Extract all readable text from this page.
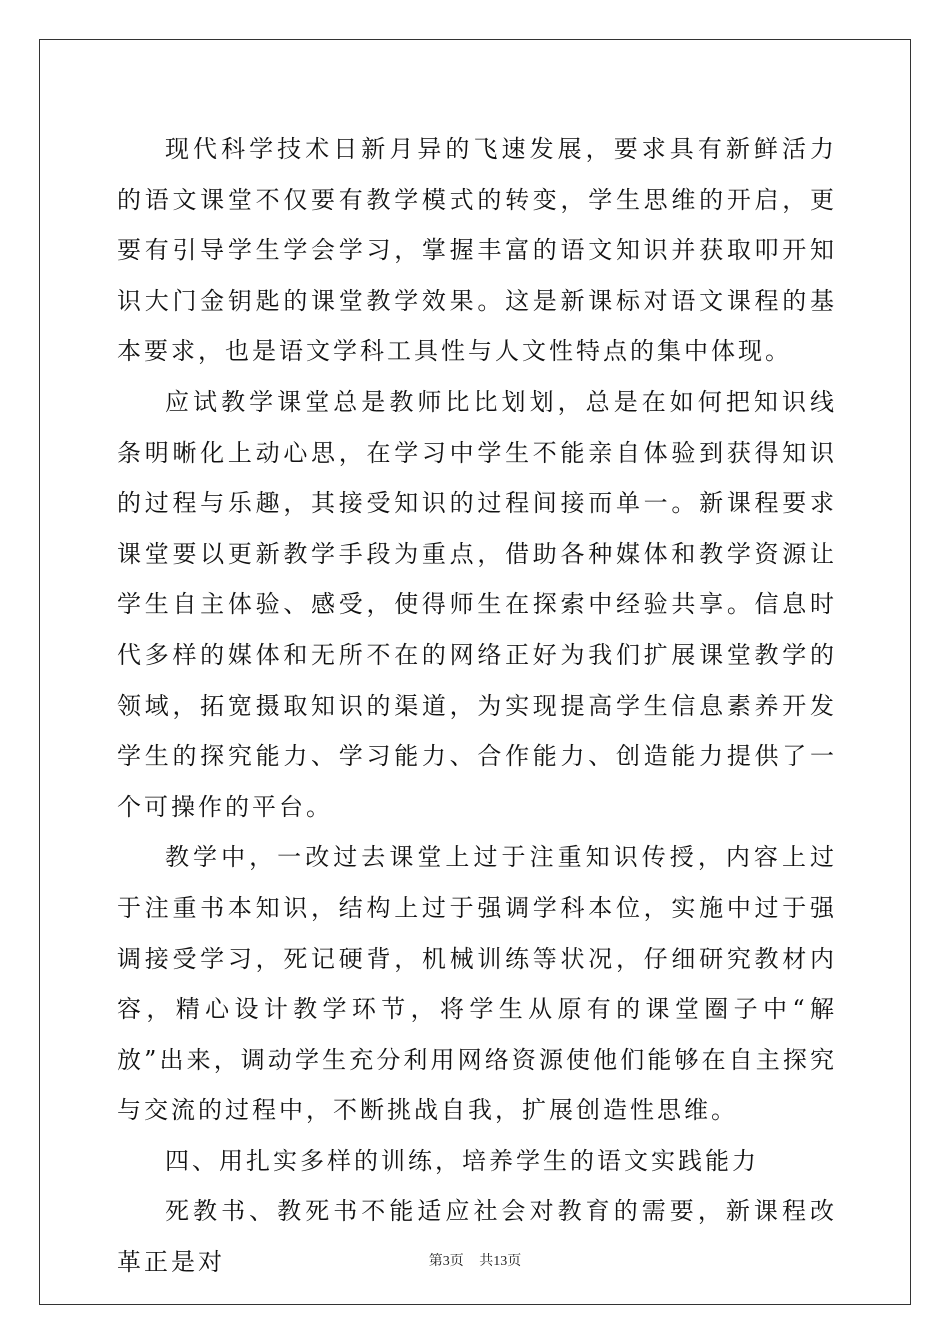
现代科学技术日新月异的飞速发展，要求具有新鲜活力的语文课堂不仅要有教学模式的转变，学生思维的开启，更要有引导学生学会学习，掌握丰富的语文知识并获取叩开知识大门金钥匙的课堂教学效果。这是新课标对语文课程的基本要求，也是语文学科工具性与人文性特点的集中体现。

应试教学课堂总是教师比比划划，总是在如何把知识线条明晰化上动心思，在学习中学生不能亲自体验到获得知识的过程与乐趣，其接受知识的过程间接而单一。新课程要求课堂要以更新教学手段为重点，借助各种媒体和教学资源让学生自主体验、感受，使得师生在探索中经验共享。信息时代多样的媒体和无所不在的网络正好为我们扩展课堂教学的领域，拓宽摄取知识的渠道，为实现提高学生信息素养开发学生的探究能力、学习能力、合作能力、创造能力提供了一个可操作的平台。

教学中，一改过去课堂上过于注重知识传授，内容上过于注重书本知识，结构上过于强调学科本位，实施中过于强调接受学习，死记硬背，机械训练等状况，仔细研究教材内容，精心设计教学环节，将学生从原有的课堂圈子中“解放”出来，调动学生充分利用网络资源使他们能够在自主探究与交流的过程中，不断挑战自我，扩展创造性思维。

四、用扎实多样的训练，培养学生的语文实践能力

死教书、教死书不能适应社会对教育的需要，新课程改革正是对	第3页 共13页
